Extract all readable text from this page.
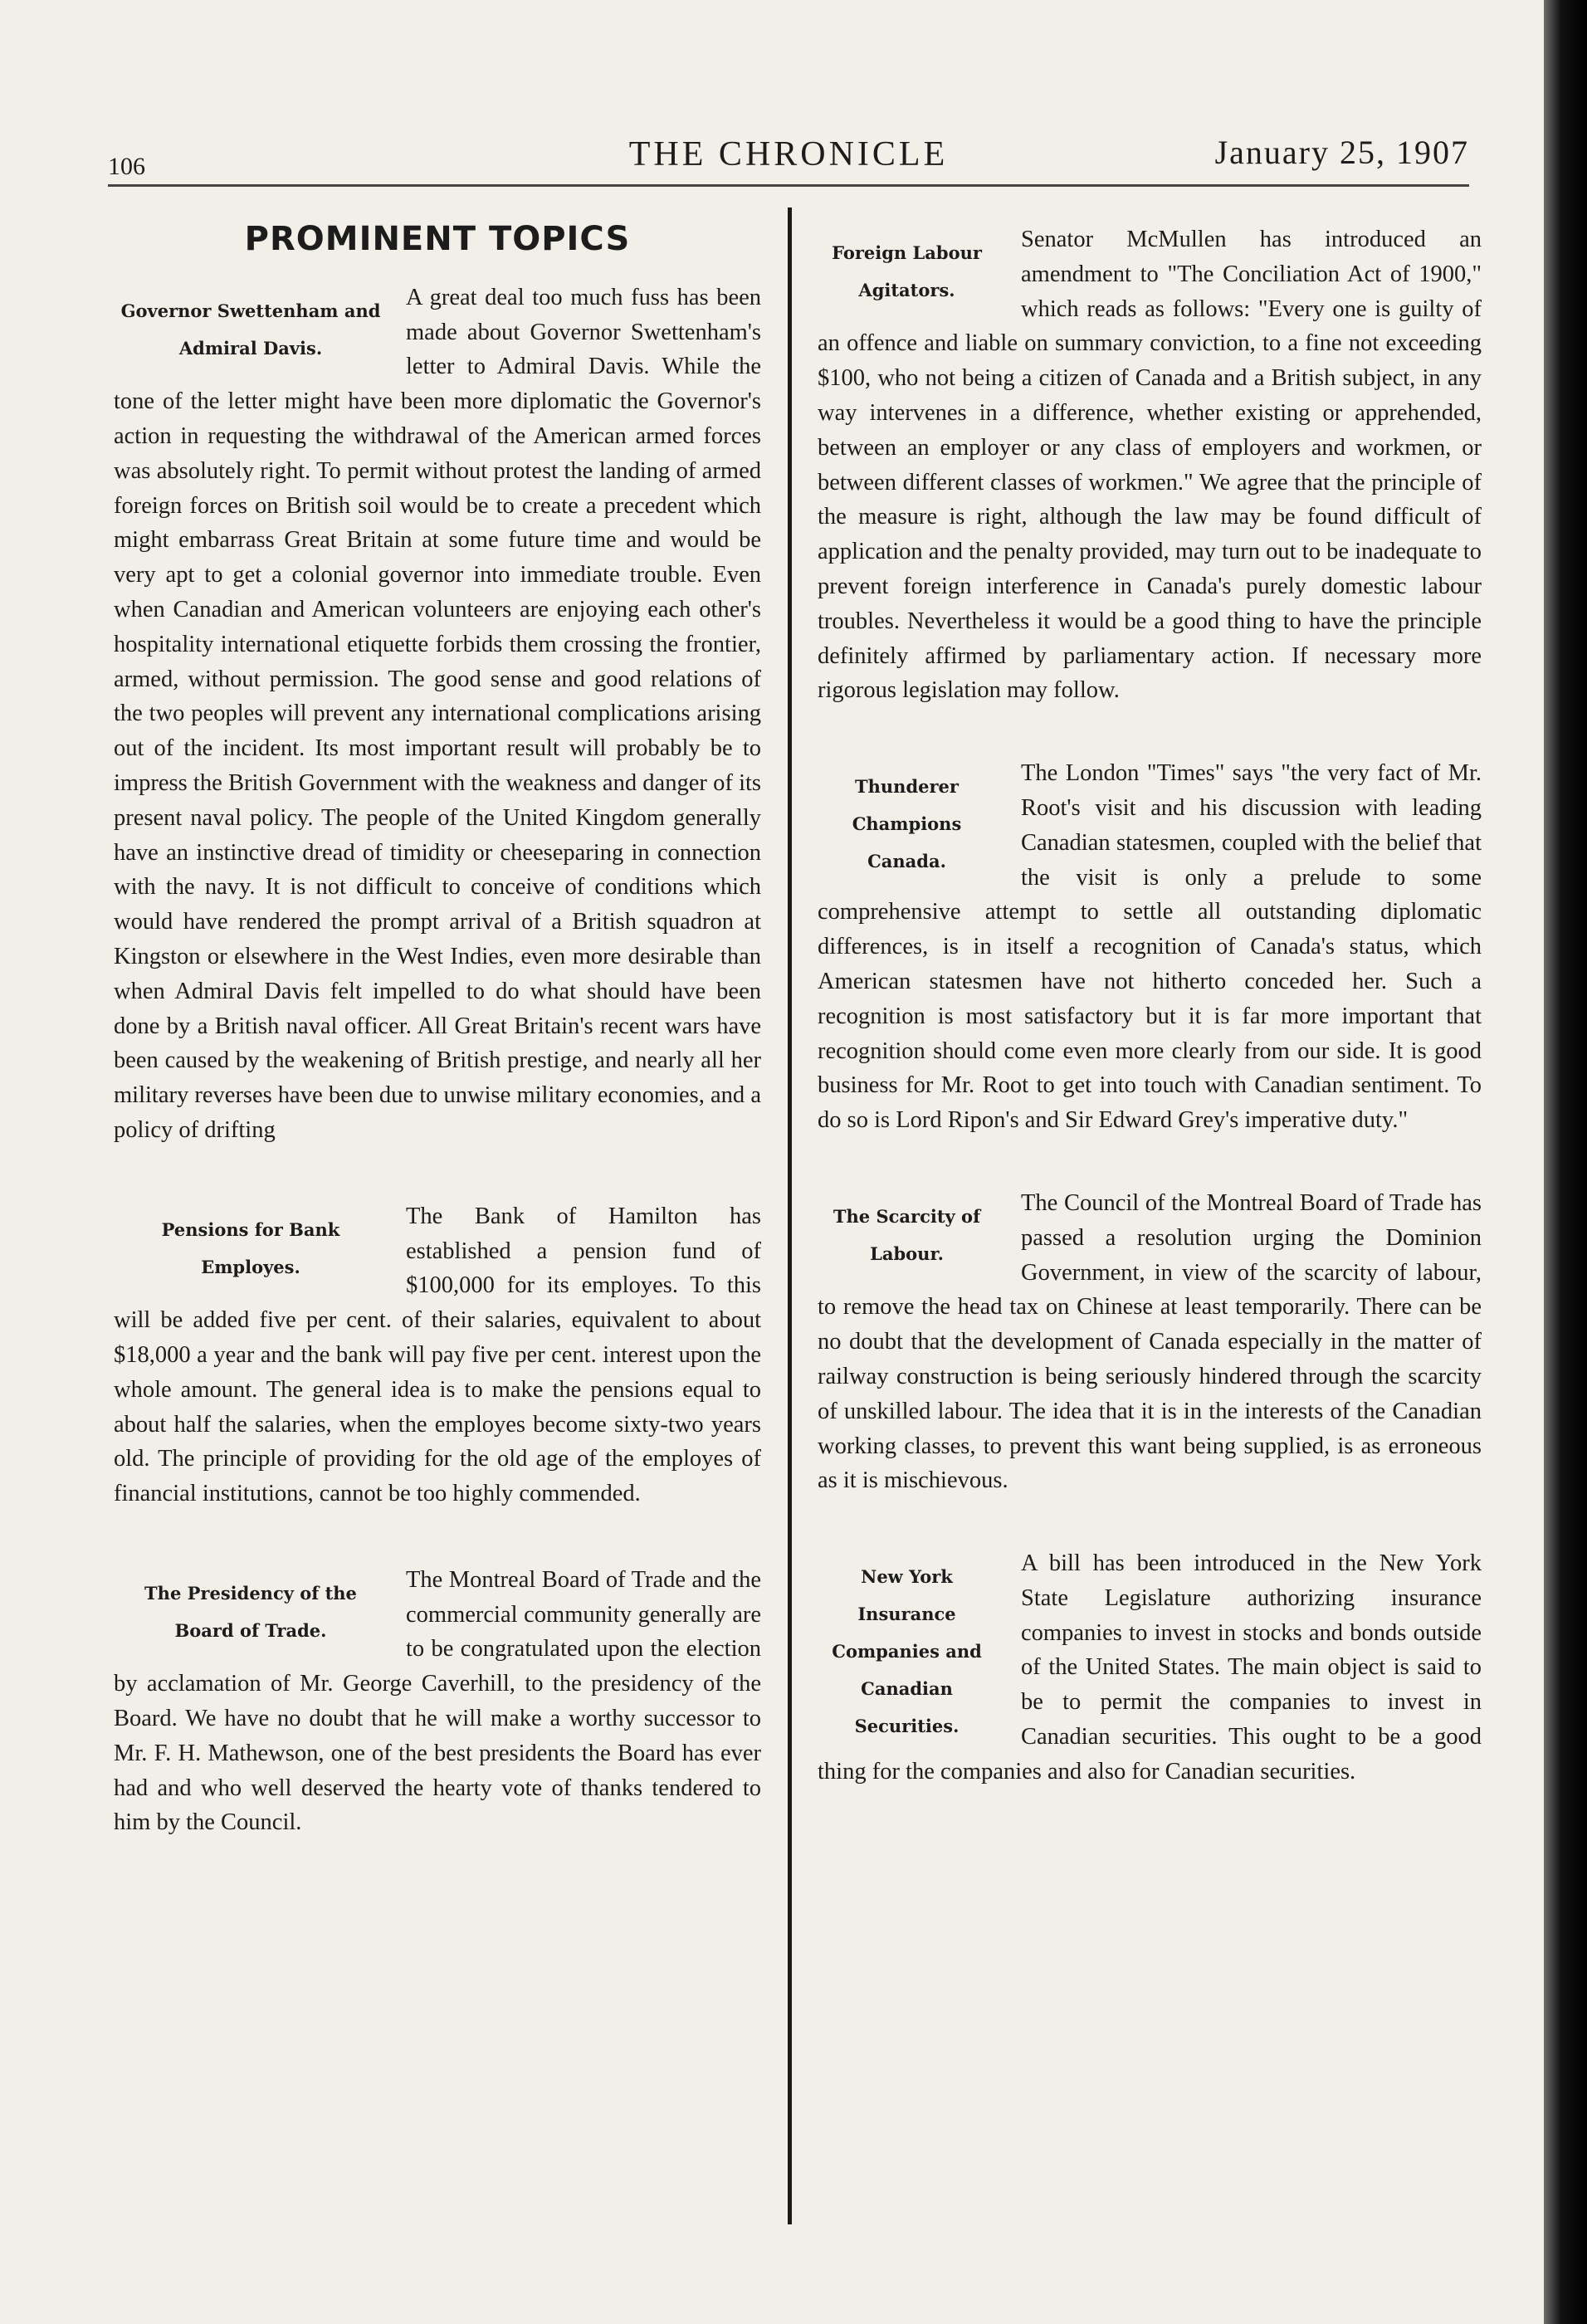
106	THE CHRONICLE	January 25, 1907
PROMINENT TOPICS
Governor Swettenham and Admiral Davis.

A great deal too much fuss has been made about Governor Swettenham's letter to Admiral Davis. While the tone of the letter might have been more diplomatic the Governor's action in requesting the withdrawal of the American armed forces was absolutely right. To permit without protest the landing of armed foreign forces on British soil would be to create a precedent which might embarrass Great Britain at some future time and would be very apt to get a colonial governor into immediate trouble. Even when Canadian and American volunteers are enjoying each other's hospitality international etiquette forbids them crossing the frontier, armed, without permission. The good sense and good relations of the two peoples will prevent any international complications arising out of the incident. Its most important result will probably be to impress the British Government with the weakness and danger of its present naval policy. The people of the United Kingdom generally have an instinctive dread of timidity or cheeseparing in connection with the navy. It is not difficult to conceive of conditions which would have rendered the prompt arrival of a British squadron at Kingston or elsewhere in the West Indies, even more desirable than when Admiral Davis felt impelled to do what should have been done by a British naval officer. All Great Britain's recent wars have been caused by the weakening of British prestige, and nearly all her military reverses have been due to unwise military economies, and a policy of drifting

Pensions for Bank Employes.

The Bank of Hamilton has established a pension fund of $100,000 for its employes. To this will be added five per cent. of their salaries, equivalent to about $18,000 a year and the bank will pay five per cent. interest upon the whole amount. The general idea is to make the pensions equal to about half the salaries, when the employes become sixty-two years old. The principle of providing for the old age of the employes of financial institutions, cannot be too highly commended.

The Presidency of the Board of Trade.

The Montreal Board of Trade and the commercial community generally are to be congratulated upon the election by acclamation of Mr. George Caverhill, to the presidency of the Board. We have no doubt that he will make a worthy successor to Mr. F. H. Mathewson, one of the best presidents the Board has ever had and who well deserved the hearty vote of thanks tendered to him by the Council.

Foreign Labour Agitators.

Senator McMullen has introduced an amendment to "The Conciliation Act of 1900," which reads as follows: "Every one is guilty of an offence and liable on summary conviction, to a fine not exceeding $100, who not being a citizen of Canada and a British subject, in any way intervenes in a difference, whether existing or apprehended, between an employer or any class of employers and workmen, or between different classes of workmen." We agree that the principle of the measure is right, although the law may be found difficult of application and the penalty provided, may turn out to be inadequate to prevent foreign interference in Canada's purely domestic labour troubles. Nevertheless it would be a good thing to have the principle definitely affirmed by parliamentary action. If necessary more rigorous legislation may follow.

Thunderer Champions Canada.

The London "Times" says "the very fact of Mr. Root's visit and his discussion with leading Canadian statesmen, coupled with the belief that the visit is only a prelude to some comprehensive attempt to settle all outstanding diplomatic differences, is in itself a recognition of Canada's status, which American statesmen have not hitherto conceded her. Such a recognition is most satisfactory but it is far more important that recognition should come even more clearly from our side. It is good business for Mr. Root to get into touch with Canadian sentiment. To do so is Lord Ripon's and Sir Edward Grey's imperative duty."

The Scarcity of Labour.

The Council of the Montreal Board of Trade has passed a resolution urging the Dominion Government, in view of the scarcity of labour, to remove the head tax on Chinese at least temporarily. There can be no doubt that the development of Canada especially in the matter of railway construction is being seriously hindered through the scarcity of unskilled labour. The idea that it is in the interests of the Canadian working classes, to prevent this want being supplied, is as erroneous as it is mischievous.

New York Insurance Companies and Canadian Securities.

A bill has been introduced in the New York State Legislature authorizing insurance companies to invest in stocks and bonds outside of the United States. The main object is said to be to permit the companies to invest in Canadian securities. This ought to be a good thing for the companies and also for Canadian securities.
